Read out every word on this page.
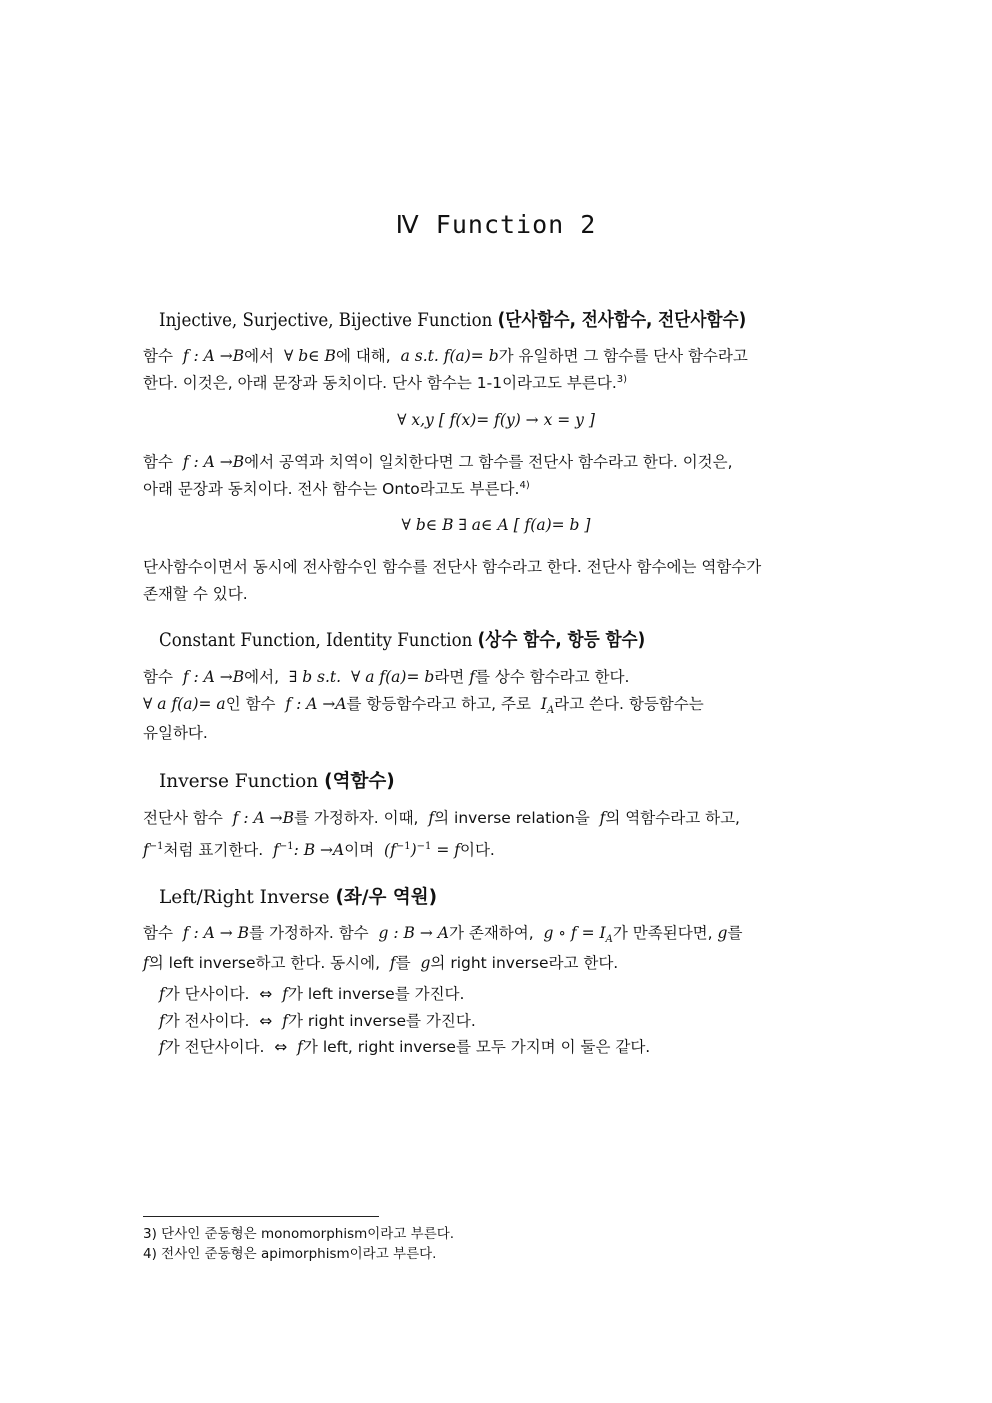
Ⅳ Function 2
Injective, Surjective, Bijective Function (단사함수, 전사함수, 전단사함수)
함수 f : A →B에서 ∀ b∈ B에 대해, a s.t. f(a)= b가 유일하면 그 함수를 단사 함수라고
한다. 이것은, 아래 문장과 동치이다. 단사 함수는 1-1이라고도 부른다.$^{3)}$
∀ x,y [ f(x)= f(y) → x = y ]
함수 f : A →B에서 공역과 치역이 일치한다면 그 함수를 전단사 함수라고 한다. 이것은,
아래 문장과 동치이다. 전사 함수는 Onto라고도 부른다.$^{4)}$
∀ b∈ B ∃ a∈ A [ f(a)= b ]
단사함수이면서 동시에 전사함수인 함수를 전단사 함수라고 한다. 전단사 함수에는 역함수가
존재할 수 있다.
Constant Function, Identity Function (상수 함수, 항등 함수)
함수 f : A →B에서, ∃ b s.t. ∀ a f(a)= b라면 f를 상수 함수라고 한다.
∀ a f(a)= a인 함수 f : A →A를 항등함수라고 하고, 주로 $I_A$라고 쓴다. 항등함수는
유일하다.
Inverse Function (역함수)
전단사 함수 f : A →B를 가정하자. 이때, f의 inverse relation을 f의 역함수라고 하고,
$f^{-1}$처럼 표기한다. $f^{-1}$: B →A이며 $(f^{-1})^{-1} = f$이다.
Left/Right Inverse (좌/우 역원)
함수 f : A → B를 가정하자. 함수 g : B → A가 존재하여, g ∘ $f = I_A$가 만족된다면, g를
f의 left inverse하고 한다. 동시에, f를 g의 right inverse라고 한다.
f가 단사이다. ⇔ f가 left inverse를 가진다.
f가 전사이다. ⇔ f가 right inverse를 가진다.
f가 전단사이다. ⇔ f가 left, right inverse를 모두 가지며 이 둘은 같다.
3) 단사인 준동형은 monomorphism이라고 부른다.
4) 전사인 준동형은 apimorphism이라고 부른다.
